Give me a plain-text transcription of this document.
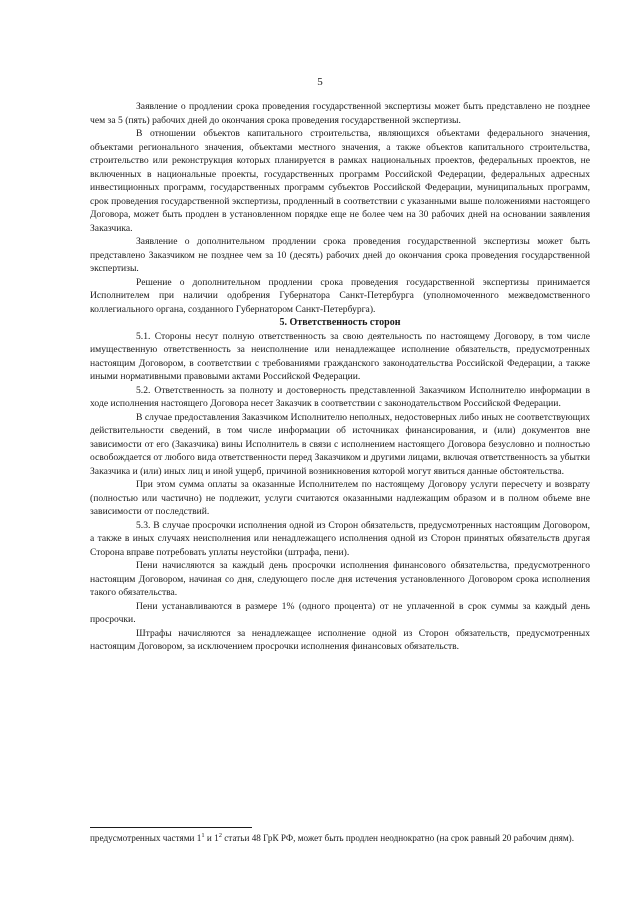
5

Заявление о продлении срока проведения государственной экспертизы может быть представлено не позднее чем за 5 (пять) рабочих дней до окончания срока проведения государственной экспертизы.

В отношении объектов капитального строительства, являющихся объектами федерального значения, объектами регионального значения, объектами местного значения, а также объектов капитального строительства, строительство или реконструкция которых планируется в рамках национальных проектов, федеральных проектов, не включенных в национальные проекты, государственных программ Российской Федерации, федеральных адресных инвестиционных программ, государственных программ субъектов Российской Федерации, муниципальных программ, срок проведения государственной экспертизы, продленный в соответствии с указанными выше положениями настоящего Договора, может быть продлен в установленном порядке еще не более чем на 30 рабочих дней на основании заявления Заказчика.

Заявление о дополнительном продлении срока проведения государственной экспертизы может быть представлено Заказчиком не позднее чем за 10 (десять) рабочих дней до окончания срока проведения государственной экспертизы.

Решение о дополнительном продлении срока проведения государственной экспертизы принимается Исполнителем при наличии одобрения Губернатора Санкт-Петербурга (уполномоченного межведомственного коллегиального органа, созданного Губернатором Санкт-Петербурга).

5. Ответственность сторон

5.1. Стороны несут полную ответственность за свою деятельность по настоящему Договору, в том числе имущественную ответственность за неисполнение или ненадлежащее исполнение обязательств, предусмотренных настоящим Договором, в соответствии с требованиями гражданского законодательства Российской Федерации, а также иными нормативными правовыми актами Российской Федерации.

5.2. Ответственность за полноту и достоверность представленной Заказчиком Исполнителю информации в ходе исполнения настоящего Договора несет Заказчик в соответствии с законодательством Российской Федерации.

В случае предоставления Заказчиком Исполнителю неполных, недостоверных либо иных не соответствующих действительности сведений, в том числе информации об источниках финансирования, и (или) документов вне зависимости от его (Заказчика) вины Исполнитель в связи с исполнением настоящего Договора безусловно и полностью освобождается от любого вида ответственности перед Заказчиком и другими лицами, включая ответственность за убытки Заказчика и (или) иных лиц и иной ущерб, причиной возникновения которой могут явиться данные обстоятельства.

При этом сумма оплаты за оказанные Исполнителем по настоящему Договору услуги пересчету и возврату (полностью или частично) не подлежит, услуги считаются оказанными надлежащим образом и в полном объеме вне зависимости от последствий.

5.3. В случае просрочки исполнения одной из Сторон обязательств, предусмотренных настоящим Договором, а также в иных случаях неисполнения или ненадлежащего исполнения одной из Сторон принятых обязательств другая Сторона вправе потребовать уплаты неустойки (штрафа, пени).

Пени начисляются за каждый день просрочки исполнения финансового обязательства, предусмотренного настоящим Договором, начиная со дня, следующего после дня истечения установленного Договором срока исполнения такого обязательства.

Пени устанавливаются в размере 1% (одного процента) от не уплаченной в срок суммы за каждый день просрочки.

Штрафы начисляются за ненадлежащее исполнение одной из Сторон обязательств, предусмотренных настоящим Договором, за исключением просрочки исполнения финансовых обязательств.

предусмотренных частями $1^1$ и $1^2$ статьи 48 ГрК РФ, может быть продлен неоднократно (на срок равный 20 рабочим дням).
